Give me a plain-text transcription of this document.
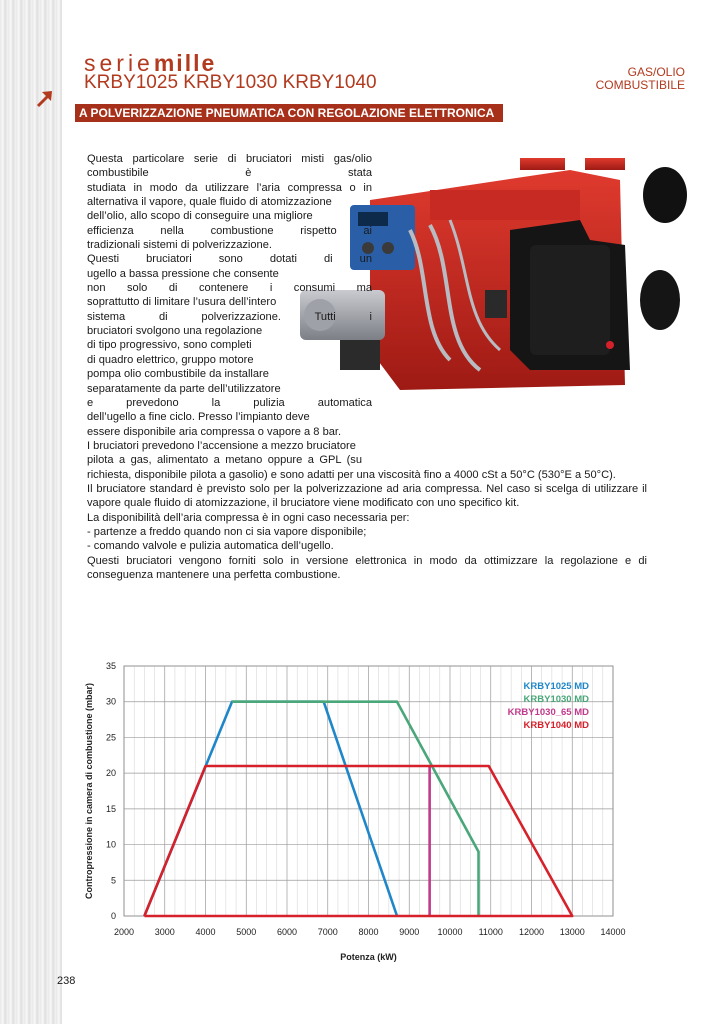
seriemille
KRBY1025 KRBY1030 KRBY1040	GAS/OLIO
COMBUSTIBILE
A POLVERIZZAZIONE PNEUMATICA CON REGOLAZIONE ELETTRONICA

Questa particolare serie di bruciatori misti gas/olio combustibile è stata

studiata in modo da utilizzare l’aria compressa o in

alternativa il vapore, quale fluido di atomizzazione

dell’olio, allo scopo di conseguire una migliore

efficienza nella combustione rispetto ai

tradizionali sistemi di polverizzazione.

Questi bruciatori sono dotati di un

ugello a bassa pressione che consente

non solo di contenere i consumi ma

soprattutto di limitare l’usura dell’intero

sistema di polverizzazione. Tutti i

bruciatori svolgono una regolazione

di tipo progressivo, sono completi

di quadro elettrico, gruppo motore

pompa olio combustibile da installare

separatamente da parte dell’utilizzatore

e prevedono la pulizia automatica

dell’ugello a fine ciclo. Presso l’impianto deve

essere disponibile aria compressa o vapore a 8 bar.

I bruciatori prevedono l’accensione a mezzo bruciatore

pilota a gas, alimentato a metano oppure a GPL (su

richiesta, disponibile pilota a gasolio) e sono adatti per una viscosità fino a 4000 cSt a 50°C (530°E a 50°C).

Il bruciatore standard è previsto solo per la polverizzazione ad aria compressa. Nel caso si scelga di utilizzare il

vapore quale fluido di atomizzazione, il bruciatore viene modificato con uno specifico kit.

La disponibilità dell’aria compressa è in ogni caso necessaria per:

- partenze a freddo quando non ci sia vapore disponibile;

- comando valvole e pulizia automatica dell’ugello.

Questi bruciatori vengono forniti solo in versione elettronica in modo da ottimizzare la regolazione e di

conseguenza mantenere una perfetta combustione.

2000 3000 4000 5000 6000 7000 8000 9000 10000 11000 12000 13000 14000
0
5
10
15
20
25
30
35
Potenza (kW)
Contropressione in camera di combustione (mbar)	KRBY1025 MD
KRBY1030 MD
KRBY1030_65 MD
KRBY1040 MD
238
